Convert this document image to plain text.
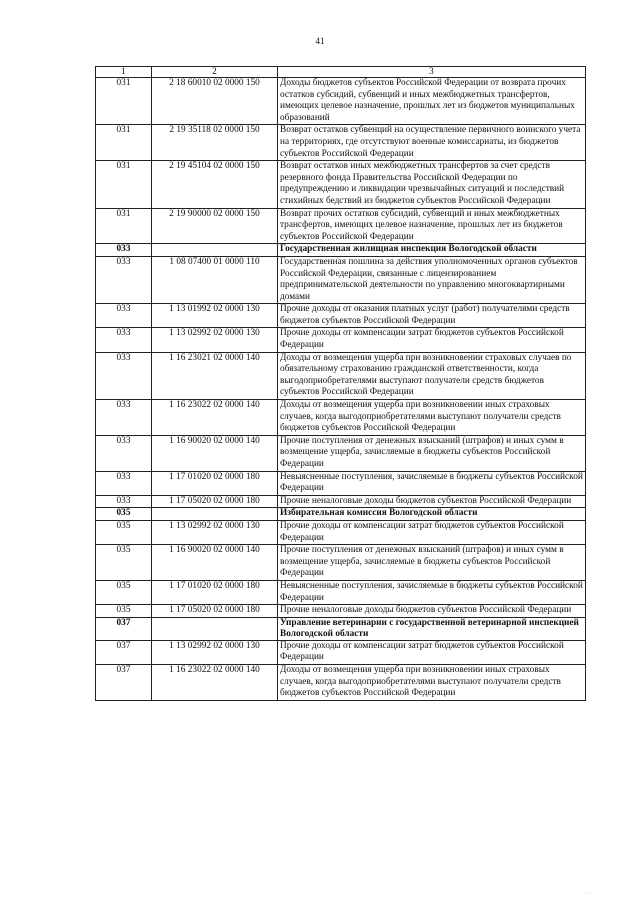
41
1	2	3
031	2 18 60010 02 0000 150	Доходы бюджетов субъектов Российской Федерации от возврата прочих остатков субсидий, субвенций и иных межбюджетных трансфертов, имеющих целевое назначение, прошлых лет из бюджетов муниципальных образований
031	2 19 35118 02 0000 150	Возврат остатков субвенций на осуществление первичного воинского учета на территориях, где отсутствуют военные комиссариаты, из бюджетов субъектов Российской Федерации
031	2 19 45104 02 0000 150	Возврат остатков иных межбюджетных трансфертов за счет средств резервного фонда Правительства Российской Федерации по предупреждению и ликвидации чрезвычайных ситуаций и последствий стихийных бедствий из бюджетов субъектов Российской Федерации
031	2 19 90000 02 0000 150	Возврат прочих остатков субсидий, субвенций и иных межбюджетных трансфертов, имеющих целевое назначение, прошлых лет из бюджетов субъектов Российской Федерации
033		Государственная жилищная инспекция Вологодской области
033	1 08 07400 01 0000 110	Государственная пошлина за действия уполномоченных органов субъектов Российской Федерации, связанные с лицензированием предпринимательской деятельности по управлению многоквартирными домами
033	1 13 01992 02 0000 130	Прочие доходы от оказания платных услуг (работ) получателями средств бюджетов субъектов Российской Федерации
033	1 13 02992 02 0000 130	Прочие доходы от компенсации затрат бюджетов субъектов Российской Федерации
033	1 16 23021 02 0000 140	Доходы от возмещения ущерба при возникновении страховых случаев по обязательному страхованию гражданской ответственности, когда выгодоприобретателями выступают получатели средств бюджетов субъектов Российской Федерации
033	1 16 23022 02 0000 140	Доходы от возмещения ущерба при возникновении иных страховых случаев, когда выгодоприобретателями выступают получатели средств бюджетов субъектов Российской Федерации
033	1 16 90020 02 0000 140	Прочие поступления от денежных взысканий (штрафов) и иных сумм в возмещение ущерба, зачисляемые в бюджеты субъектов Российской Федерации
033	1 17 01020 02 0000 180	Невыясненные поступления, зачисляемые в бюджеты субъектов Российской Федерации
033	1 17 05020 02 0000 180	Прочие неналоговые доходы бюджетов субъектов Российской Федерации
035		Избирательная комиссия Вологодской области
035	1 13 02992 02 0000 130	Прочие доходы от компенсации затрат бюджетов субъектов Российской Федерации
035	1 16 90020 02 0000 140	Прочие поступления от денежных взысканий (штрафов) и иных сумм в возмещение ущерба, зачисляемые в бюджеты субъектов Российской Федерации
035	1 17 01020 02 0000 180	Невыясненные поступления, зачисляемые в бюджеты субъектов Российской Федерации
035	1 17 05020 02 0000 180	Прочие неналоговые доходы бюджетов субъектов Российской Федерации
037		Управление ветеринарии с государственной ветеринарной инспекцией Вологодской области
037	1 13 02992 02 0000 130	Прочие доходы от компенсации затрат бюджетов субъектов Российской Федерации
037	1 16 23022 02 0000 140	Доходы от возмещения ущерба при возникновении иных страховых случаев, когда выгодоприобретателями выступают получатели средств бюджетов субъектов Российской Федерации
· ·
